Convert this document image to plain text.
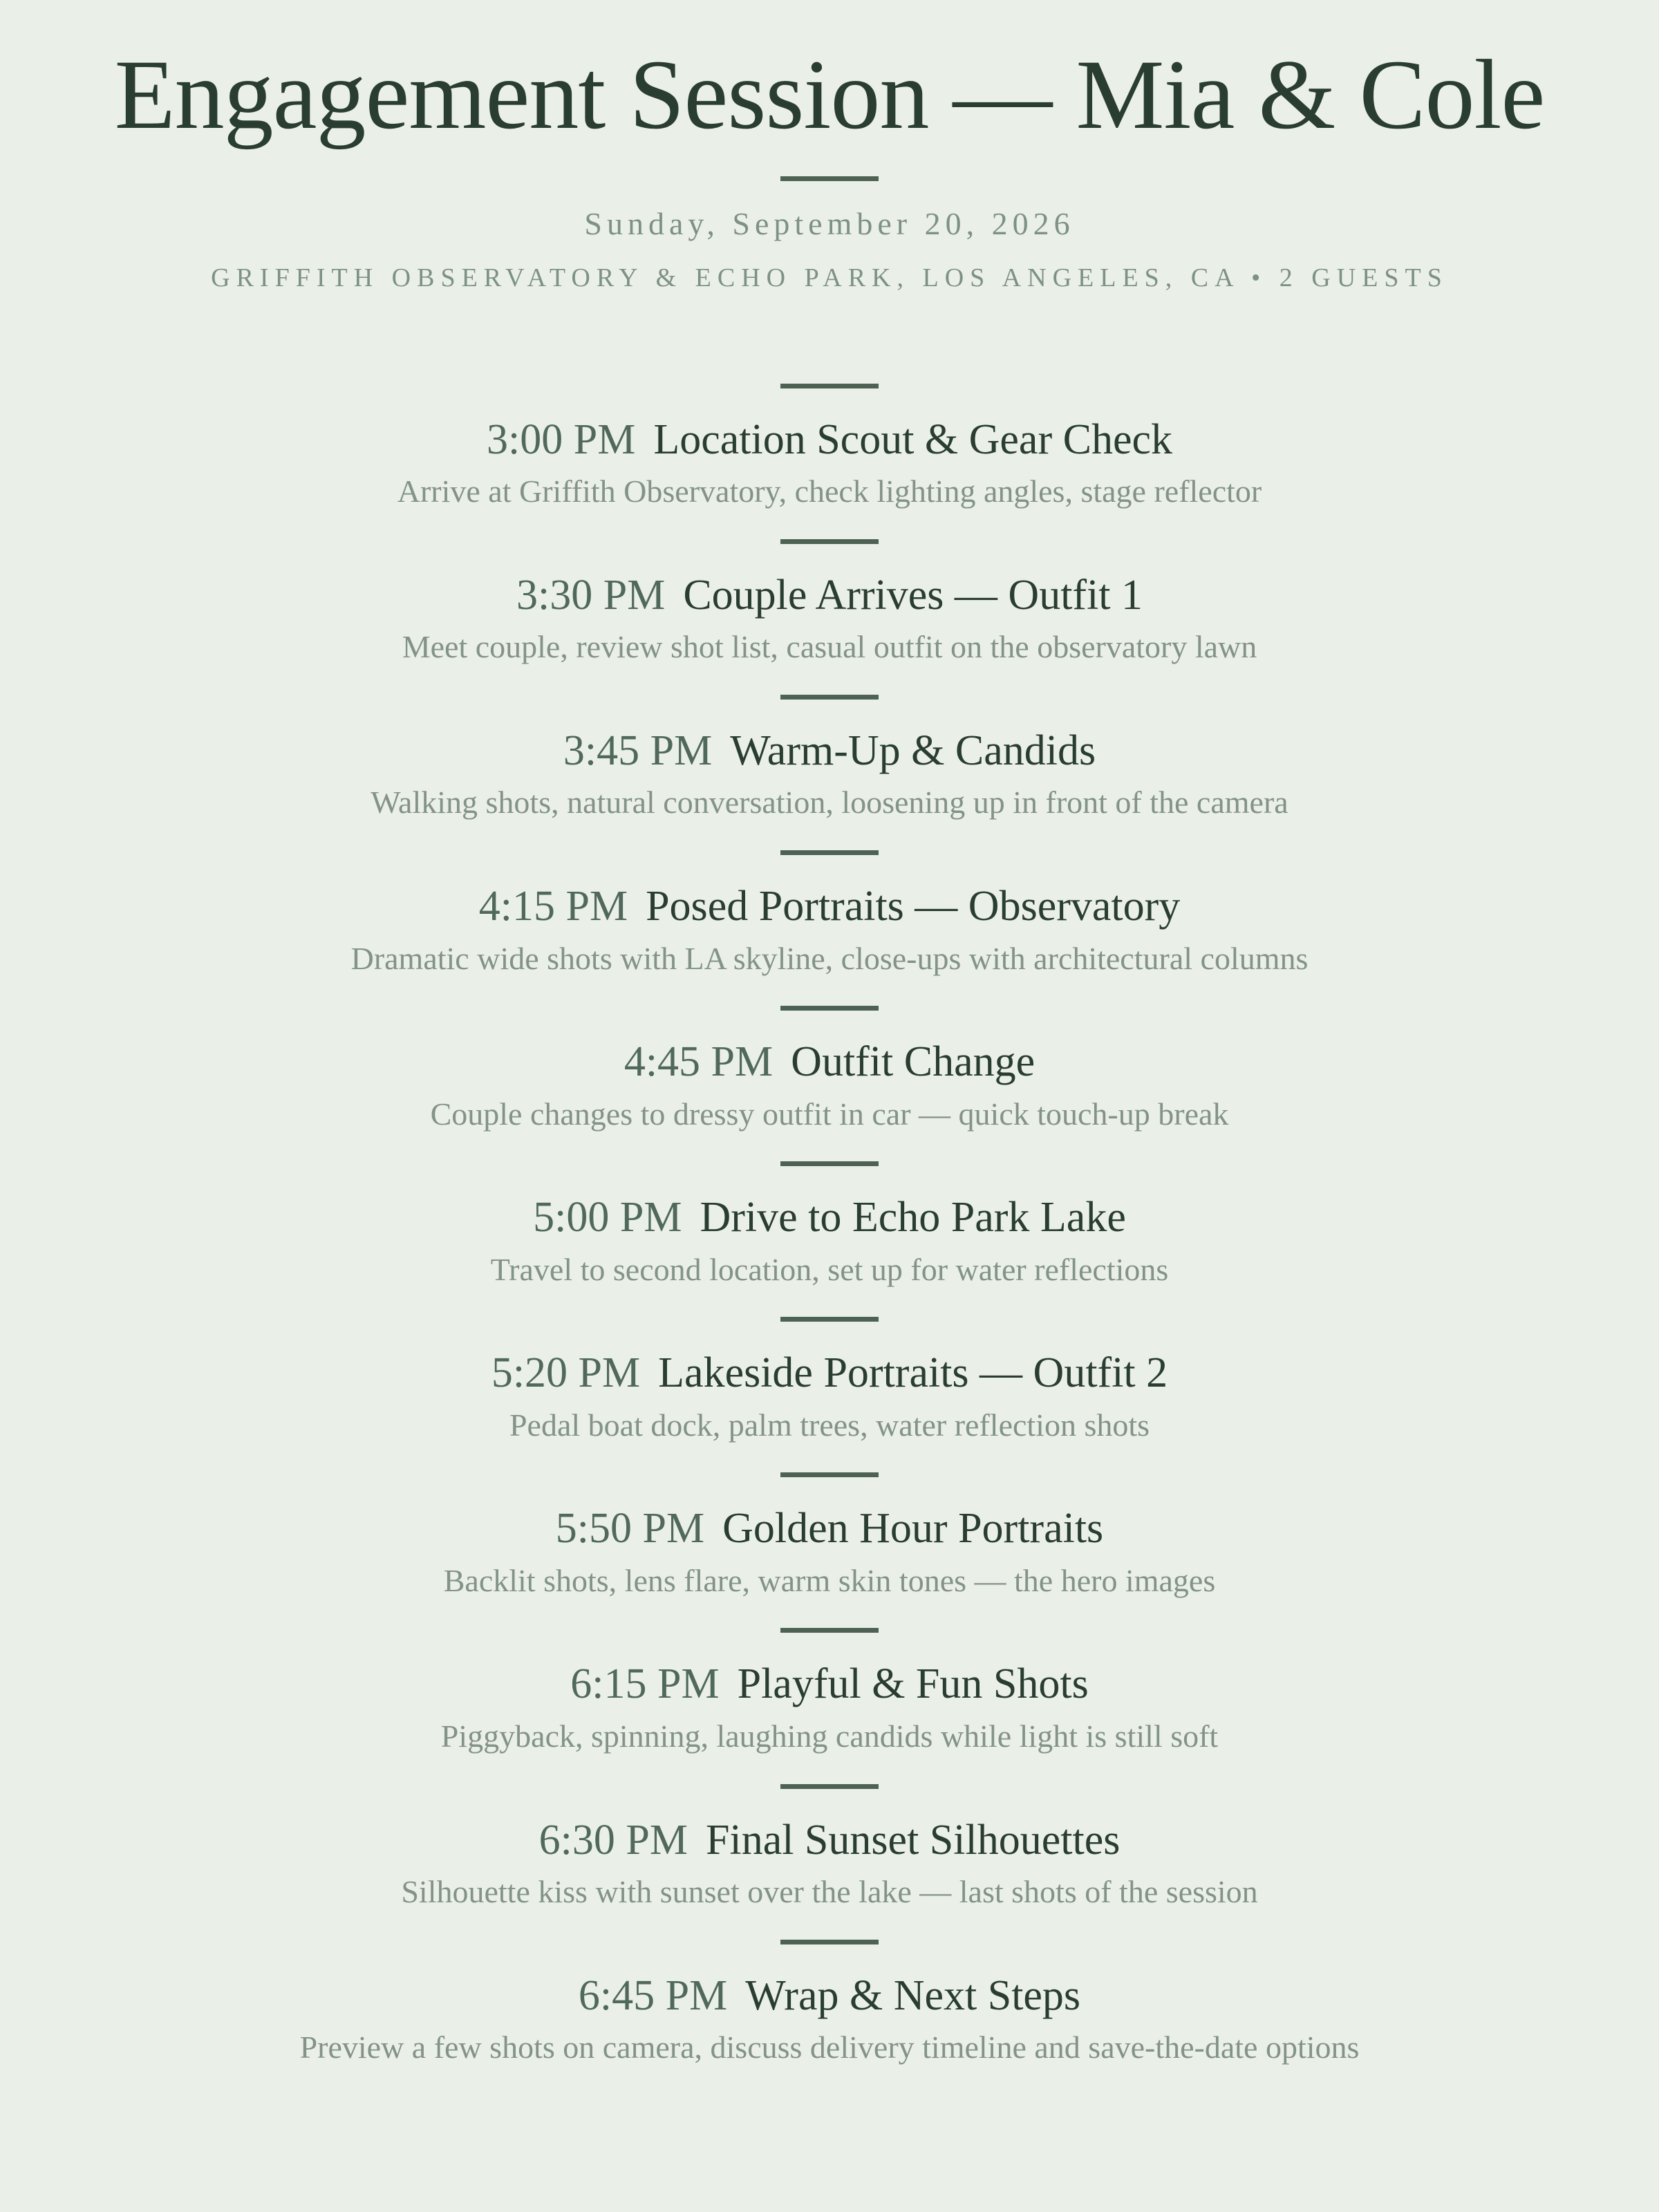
Engagement Session — Mia & Cole
Sunday, September 20, 2026
GRIFFITH OBSERVATORY & ECHO PARK, LOS ANGELES, CA • 2 GUESTS
3:00 PM Location Scout & Gear Check
Arrive at Griffith Observatory, check lighting angles, stage reflector
3:30 PM Couple Arrives — Outfit 1
Meet couple, review shot list, casual outfit on the observatory lawn
3:45 PM Warm-Up & Candids
Walking shots, natural conversation, loosening up in front of the camera
4:15 PM Posed Portraits — Observatory
Dramatic wide shots with LA skyline, close-ups with architectural columns
4:45 PM Outfit Change
Couple changes to dressy outfit in car — quick touch-up break
5:00 PM Drive to Echo Park Lake
Travel to second location, set up for water reflections
5:20 PM Lakeside Portraits — Outfit 2
Pedal boat dock, palm trees, water reflection shots
5:50 PM Golden Hour Portraits
Backlit shots, lens flare, warm skin tones — the hero images
6:15 PM Playful & Fun Shots
Piggyback, spinning, laughing candids while light is still soft
6:30 PM Final Sunset Silhouettes
Silhouette kiss with sunset over the lake — last shots of the session
6:45 PM Wrap & Next Steps
Preview a few shots on camera, discuss delivery timeline and save-the-date options
